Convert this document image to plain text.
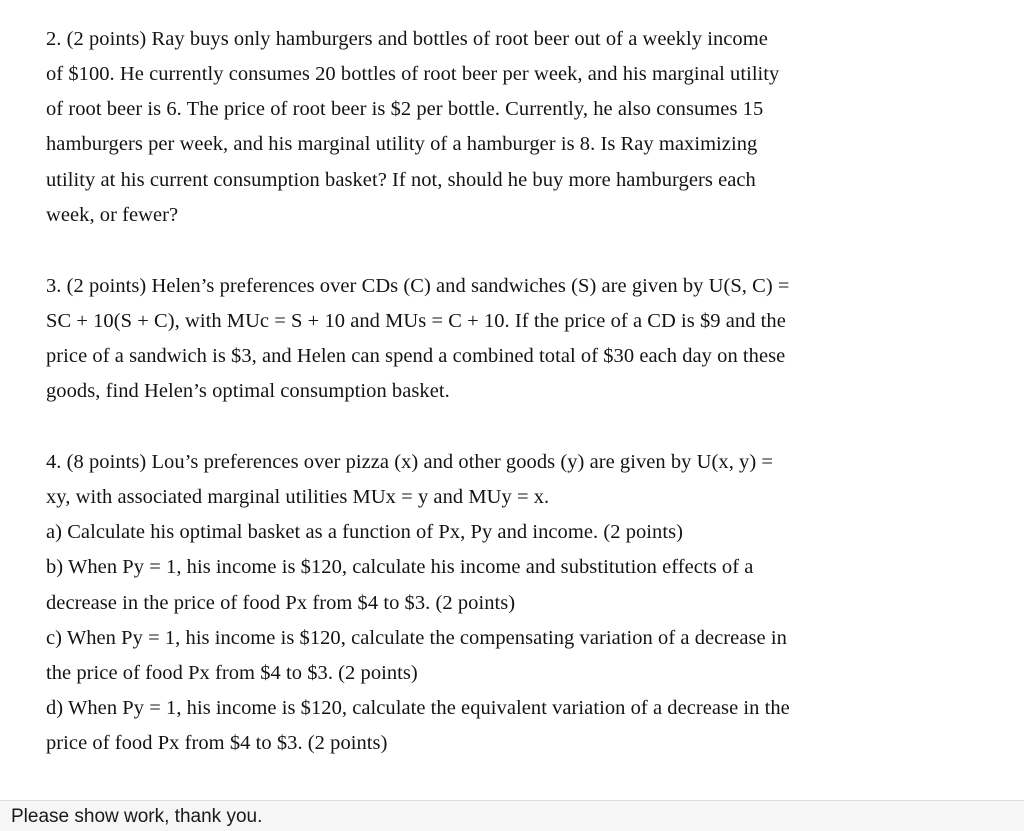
2. (2 points) Ray buys only hamburgers and bottles of root beer out of a weekly income
of $100. He currently consumes 20 bottles of root beer per week, and his marginal utility
of root beer is 6. The price of root beer is $2 per bottle. Currently, he also consumes 15
hamburgers per week, and his marginal utility of a hamburger is 8. Is Ray maximizing
utility at his current consumption basket? If not, should he buy more hamburgers each
week, or fewer?
3. (2 points) Helen’s preferences over CDs (C) and sandwiches (S) are given by U(S, C) =
SC + 10(S + C), with MUc = S + 10 and MUs = C + 10. If the price of a CD is $9 and the
price of a sandwich is $3, and Helen can spend a combined total of $30 each day on these
goods, find Helen’s optimal consumption basket.
4. (8 points) Lou’s preferences over pizza (x) and other goods (y) are given by U(x, y) =
xy, with associated marginal utilities MUx = y and MUy = x.
a) Calculate his optimal basket as a function of Px, Py and income. (2 points)
b) When Py = 1, his income is $120, calculate his income and substitution effects of a
decrease in the price of food Px from $4 to $3. (2 points)
c) When Py = 1, his income is $120, calculate the compensating variation of a decrease in
the price of food Px from $4 to $3. (2 points)
d) When Py = 1, his income is $120, calculate the equivalent variation of a decrease in the
price of food Px from $4 to $3. (2 points)
Please show work, thank you.
